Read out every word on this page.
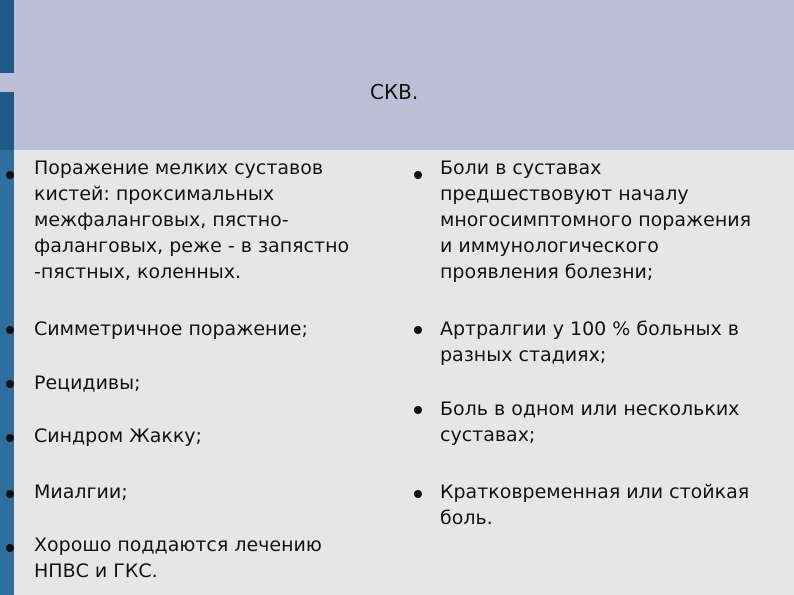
СКВ.
Поражение мелких суставов
кистей: проксимальных
межфаланговых, пястно-
фаланговых, реже - в запястно
-пястных, коленных.
Симметричное поражение;
Рецидивы;
Синдром Жакку;
Миалгии;
Хорошо поддаются лечению
НПВС и ГКС.
Боли в суставах
предшествовуют началу
многосимптомного поражения
и иммунологического
проявления болезни;
Артралгии у 100 % больных в
разных стадиях;
Боль в одном или нескольких
суставах;
Кратковременная или стойкая
боль.
